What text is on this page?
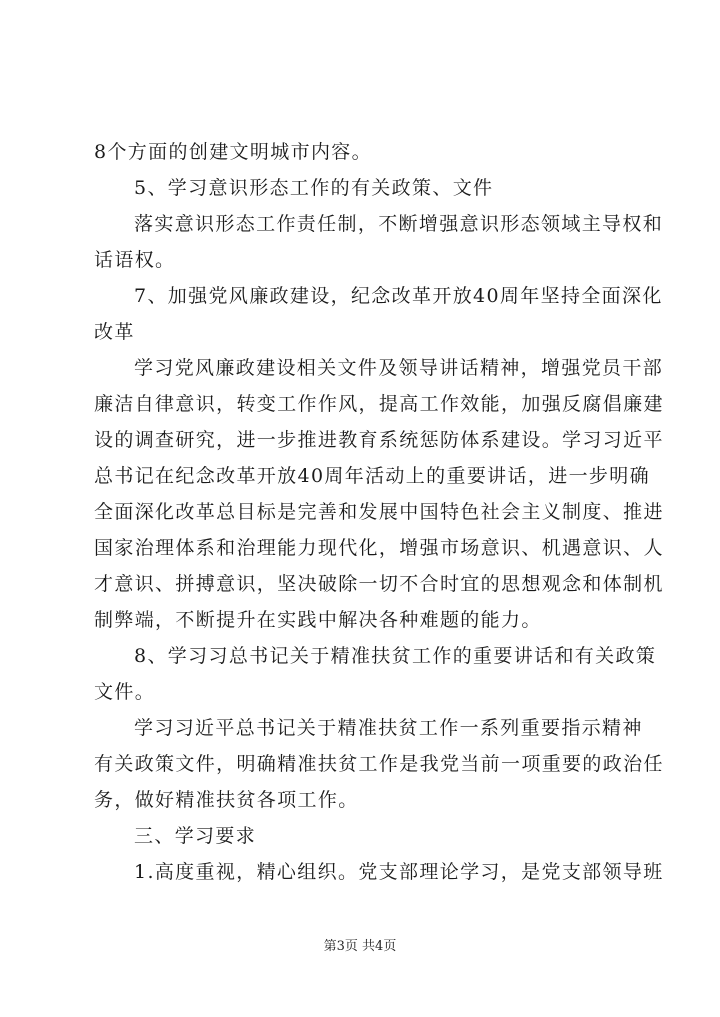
8个方面的创建文明城市内容。
5、学习意识形态工作的有关政策、文件
落实意识形态工作责任制，不断增强意识形态领域主导权和
话语权。
7、加强党风廉政建设，纪念改革开放40周年坚持全面深化
改革
学习党风廉政建设相关文件及领导讲话精神，增强党员干部
廉洁自律意识，转变工作作风，提高工作效能，加强反腐倡廉建
设的调查研究，进一步推进教育系统惩防体系建设。学习习近平
总书记在纪念改革开放40周年活动上的重要讲话，进一步明确
全面深化改革总目标是完善和发展中国特色社会主义制度、推进
国家治理体系和治理能力现代化，增强市场意识、机遇意识、人
才意识、拼搏意识，坚决破除一切不合时宜的思想观念和体制机
制弊端，不断提升在实践中解决各种难题的能力。
8、学习习总书记关于精准扶贫工作的重要讲话和有关政策
文件。
学习习近平总书记关于精准扶贫工作一系列重要指示精神
有关政策文件，明确精准扶贫工作是我党当前一项重要的政治任
务，做好精准扶贫各项工作。
三、学习要求
1.高度重视，精心组织。党支部理论学习，是党支部领导班
第3页 共4页
